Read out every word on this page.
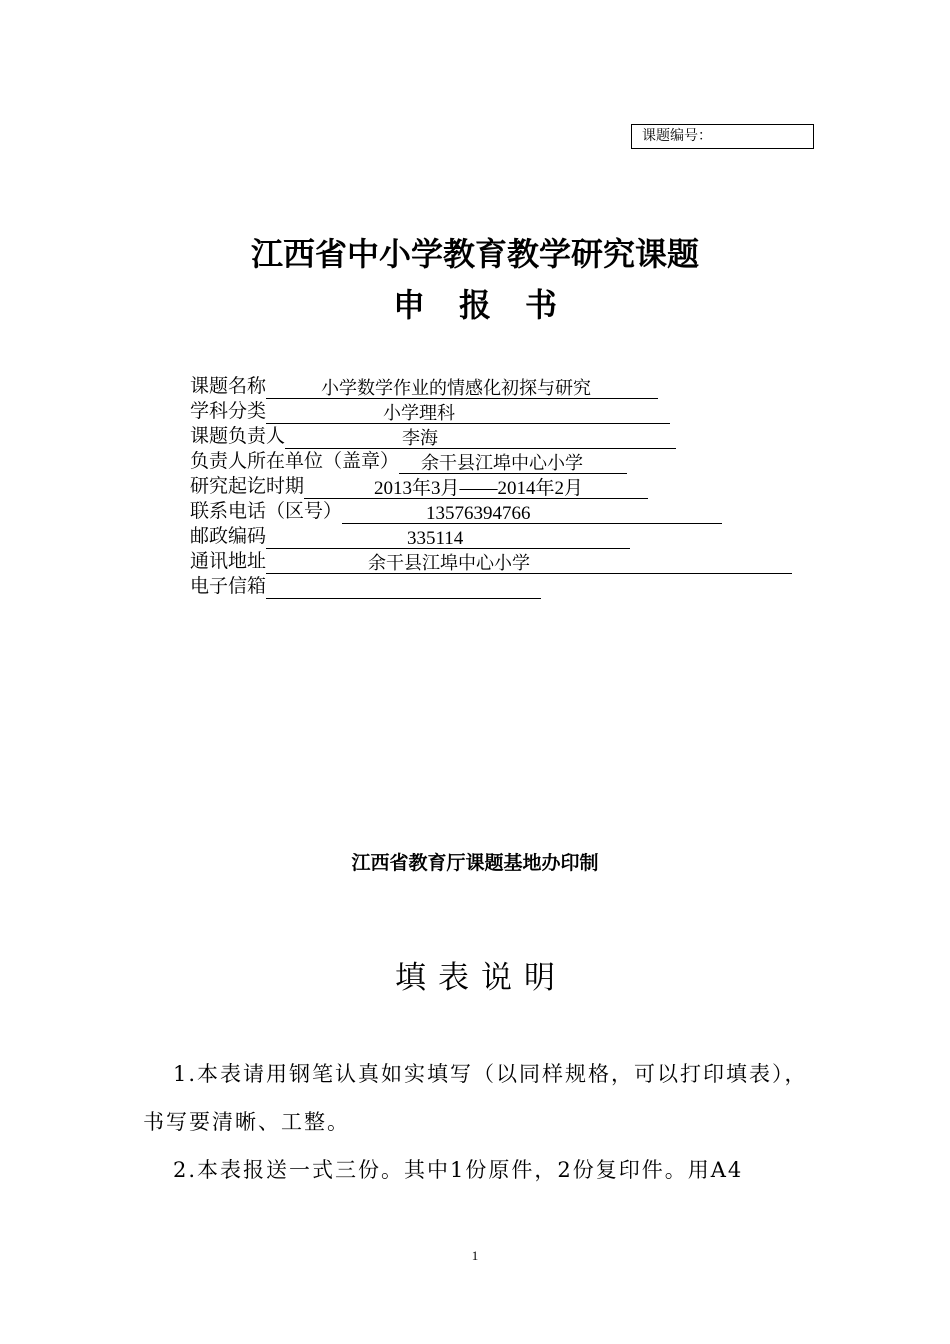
课题编号：
江西省中小学教育教学研究课题
申报书
课题名称	小学数学作业的情感化初探与研究
学科分类	小学理科
课题负责人	李海
负责人所在单位（盖章）	余干县江埠中心小学
研究起讫时期	2013年3月——2014年2月
联系电话（区号）	13576394766
邮政编码	335114
通讯地址	余干县江埠中心小学
电子信箱
江西省教育厅课题基地办印制
填表说明
1.本表请用钢笔认真如实填写（以同样规格，可以打印填表），书写要清晰、工整。
2.本表报送一式三份。其中1份原件，2份复印件。用A4
1
